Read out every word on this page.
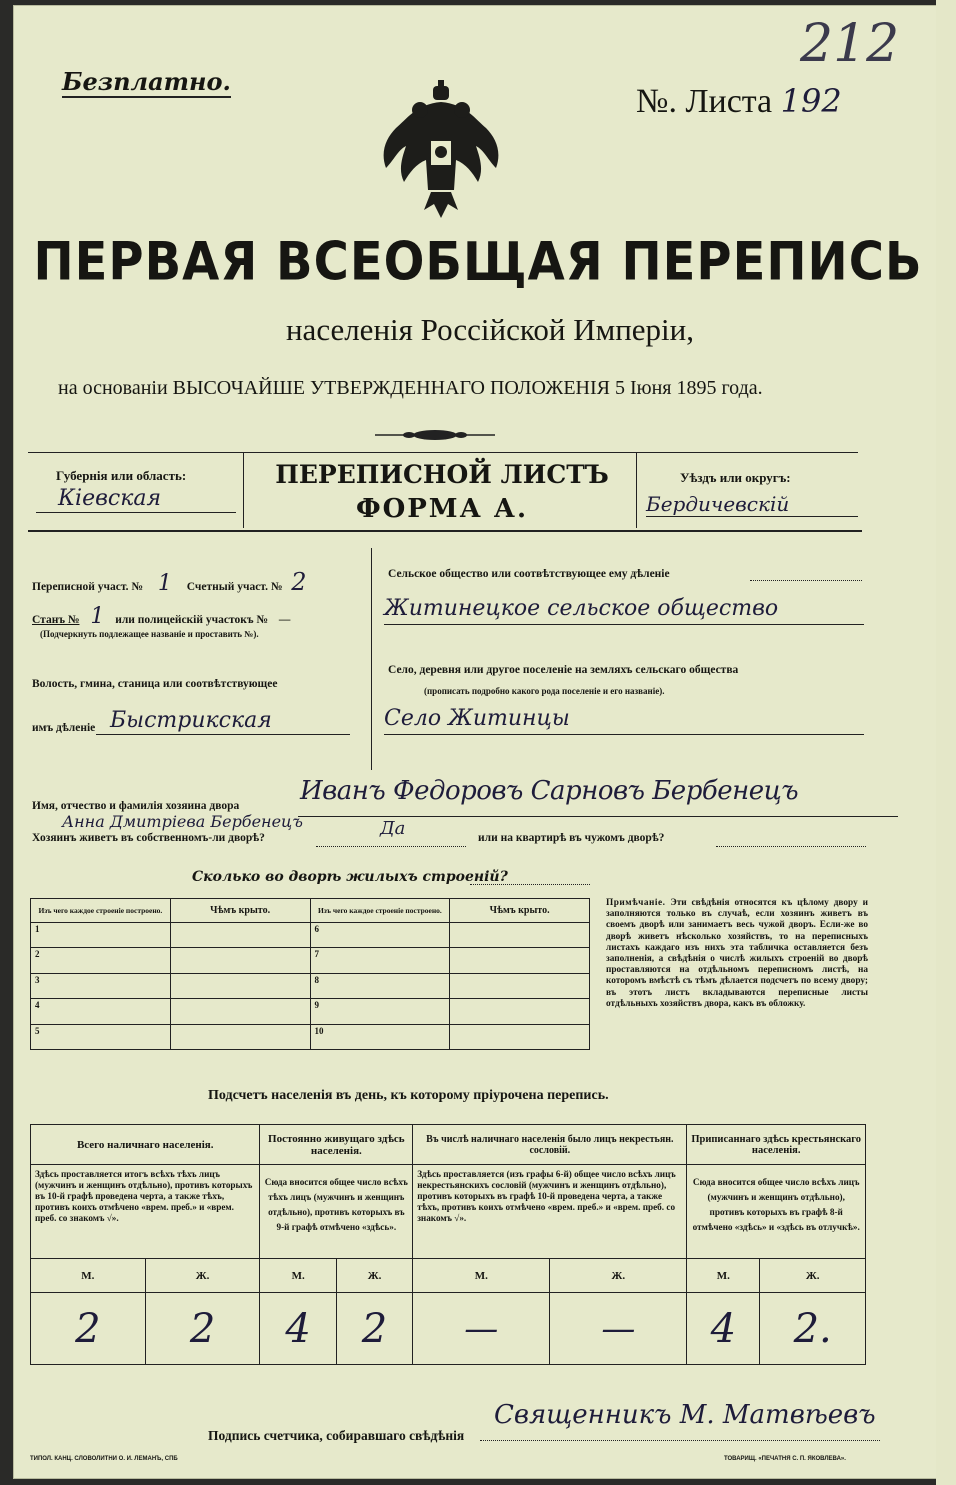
Безплатно.
№. Листа 192
212
ПЕРВАЯ ВСЕОБЩАЯ ПЕРЕПИСЬ
населенія Россійской Имперіи,
на основаніи ВЫСОЧАЙШЕ УТВЕРЖДЕННАГО ПОЛОЖЕНІЯ 5 Іюня 1895 года.
Губернія или область:
Кіевская
ПЕРЕПИСНОЙ ЛИСТЪ
ФОРМА А.
Уѣздъ или округъ:
Бердичевскій
Переписной участ. № 1 Счетный участ. № 2
Станъ № 1 или полицейскій участокъ № —
(Подчеркнуть подлежащее названіе и проставить №).
Волость, гмина, станица или соотвѣтствующее
имъ дѣленіе Быстрикская
Сельское общество или соотвѣтствующее ему дѣленіе
Житинецкое сельское общество
Село, деревня или другое поселеніе на земляхъ сельскаго общества
(прописать подробно какого рода поселеніе и его названіе).
Село Житинцы
Имя, отчество и фамилія хозяина двора Иванъ Федоровъ Сарновъ Бербенецъ
Анна Дмитріева Бербенецъ
Хозяинъ живетъ въ собственномъ-ли дворѣ?	Да	или на квартирѣ въ чужомъ дворѣ?
Сколько во дворѣ жилыхъ строеній?
Изъ чего каждое строеніе построено.	Чѣмъ крыто.	Изъ чего каждое строеніе построено.	Чѣмъ крыто.
1		6	
2		7	
3		8	
4		9	
5		10	
Примѣчаніе. Эти свѣдѣнія относятся къ цѣлому двору и заполняются только въ случаѣ, если хозяинъ живетъ въ своемъ дворѣ или занимаетъ весь чужой дворъ. Если-же во дворѣ живетъ нѣсколько хозяйствъ, то на переписныхъ листахъ каждаго изъ нихъ эта табличка оставляется безъ заполненія, а свѣдѣнія о числѣ жилыхъ строеній во дворѣ проставляются на отдѣльномъ переписномъ листѣ, на которомъ вмѣстѣ съ тѣмъ дѣлается подсчетъ по всему двору; въ этотъ листъ вкладываются переписные листы отдѣльныхъ хозяйствъ двора, какъ въ обложку.
Подсчетъ населенія въ день, къ которому пріурочена перепись.
Всего наличнаго населенія.		Постоянно живущаго здѣсь населенія.		Въ числѣ наличнаго населенія было лицъ некрестьян. сословій.		Приписаннаго здѣсь крестьянскаго населенія.	
Здѣсь проставляется итогъ всѣхъ тѣхъ лицъ (мужчинъ и женщинъ отдѣльно), противъ которыхъ въ 10-й графѣ проведена черта, а также тѣхъ, противъ коихъ отмѣчено «врем. преб.» и «врем. преб. со знакомъ √».		Сюда вносится общее число всѣхъ тѣхъ лицъ (мужчинъ и женщинъ отдѣльно), противъ которыхъ въ 9-й графѣ отмѣчено «здѣсь».		Здѣсь проставляется (изъ графы 6-й) общее число всѣхъ лицъ некрестьянскихъ сословій (мужчинъ и женщинъ отдѣльно), противъ которыхъ въ графѣ 10-й проведена черта, а также тѣхъ, противъ коихъ отмѣчено «врем. преб.» и «врем. преб. со знакомъ √».		Сюда вносится общее число всѣхъ лицъ (мужчинъ и женщинъ отдѣльно), противъ которыхъ въ графѣ 8-й отмѣчено «здѣсь» и «здѣсь въ отлучкѣ».	
М.	Ж.	М.	Ж.	М.	Ж.	М.	Ж.
2	2	4	2	—	—	4	2.
Подпись счетчика, собиравшаго свѣдѣнія
Священникъ М. Матвѣевъ
ТИПОЛ. КАНЦ. СЛОВОЛИТНИ О. И. ЛЕМАНЪ, СПБ	ТОВАРИЩ. «ПЕЧАТНЯ С. П. ЯКОВЛЕВА».
